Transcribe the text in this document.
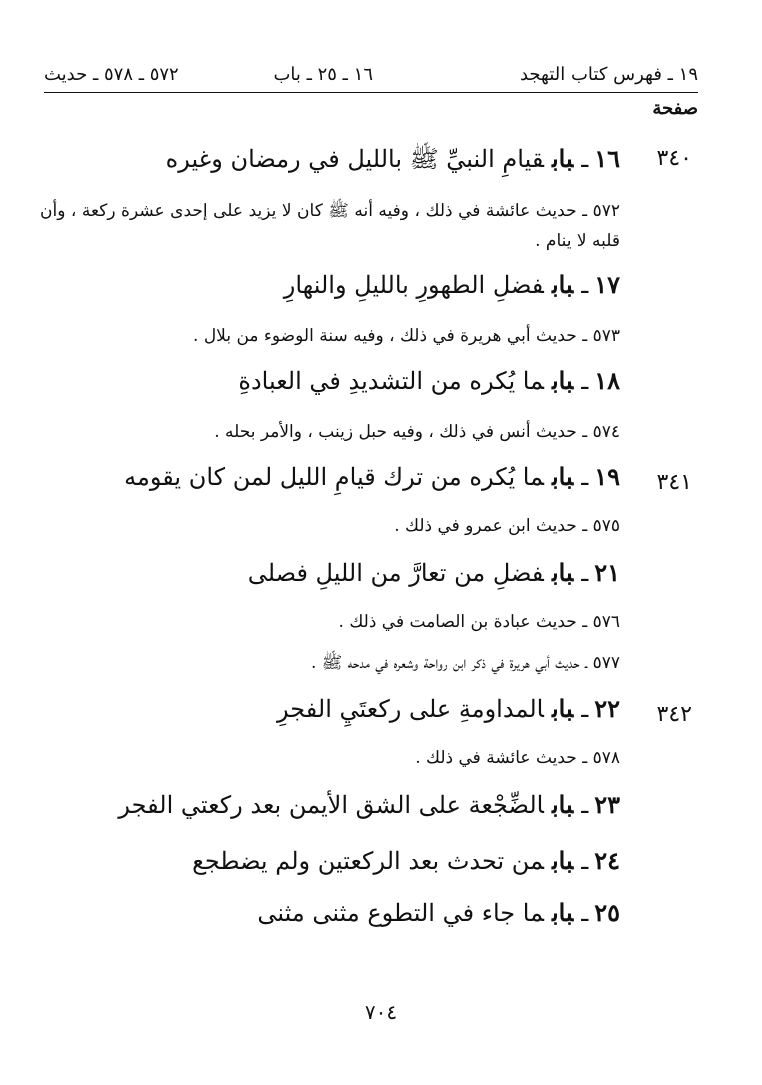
١٩ ـ فهرس كتاب التهجد
١٦ ـ ٢٥ ـ باب
٥٧٢ ـ ٥٧٨ ـ حديث
صفحة
٣٤٠
١٦ـبابقيامِ النبيِّ ﷺ بالليل في رمضان وغيره
٥٧٢ ـ حديث عائشة في ذلك ، وفيه أنه ﷺ كان لا يزيد على إحدى عشرة ركعة ، وأن قلبه لا ينام .
١٧ـبابفضلِ الطهورِ بالليلِ والنهارِ
٥٧٣ ـ حديث أبي هريرة في ذلك ، وفيه سنة الوضوء من بلال .
١٨ـبابما يُكره من التشديدِ في العبادةِ
٥٧٤ ـ حديث أنس في ذلك ، وفيه حبل زينب ، والأمر بحله .
٣٤١
١٩ـبابما يُكره من ترك قيامِ الليل لمن كان يقومه
٥٧٥ ـ حديث ابن عمرو في ذلك .
٢١ـبابفضلِ من تعارَّ من الليلِ فصلى
٥٧٦ ـ حديث عبادة بن الصامت في ذلك .
٥٧٧ ـ حديث أبي هريرة في ذكر ابن رواحة وشعره في مدحه ﷺ .
٣٤٢
٢٢ـبابالمداومةِ على ركعتَيِ الفجرِ
٥٧٨ ـ حديث عائشة في ذلك .
٢٣ـبابالضِّجْعة على الشق الأيمن بعد ركعتي الفجر
٢٤ـبابمن تحدث بعد الركعتين ولم يضطجع
٢٥ـبابما جاء في التطوع مثنى مثنى
٧٠٤
